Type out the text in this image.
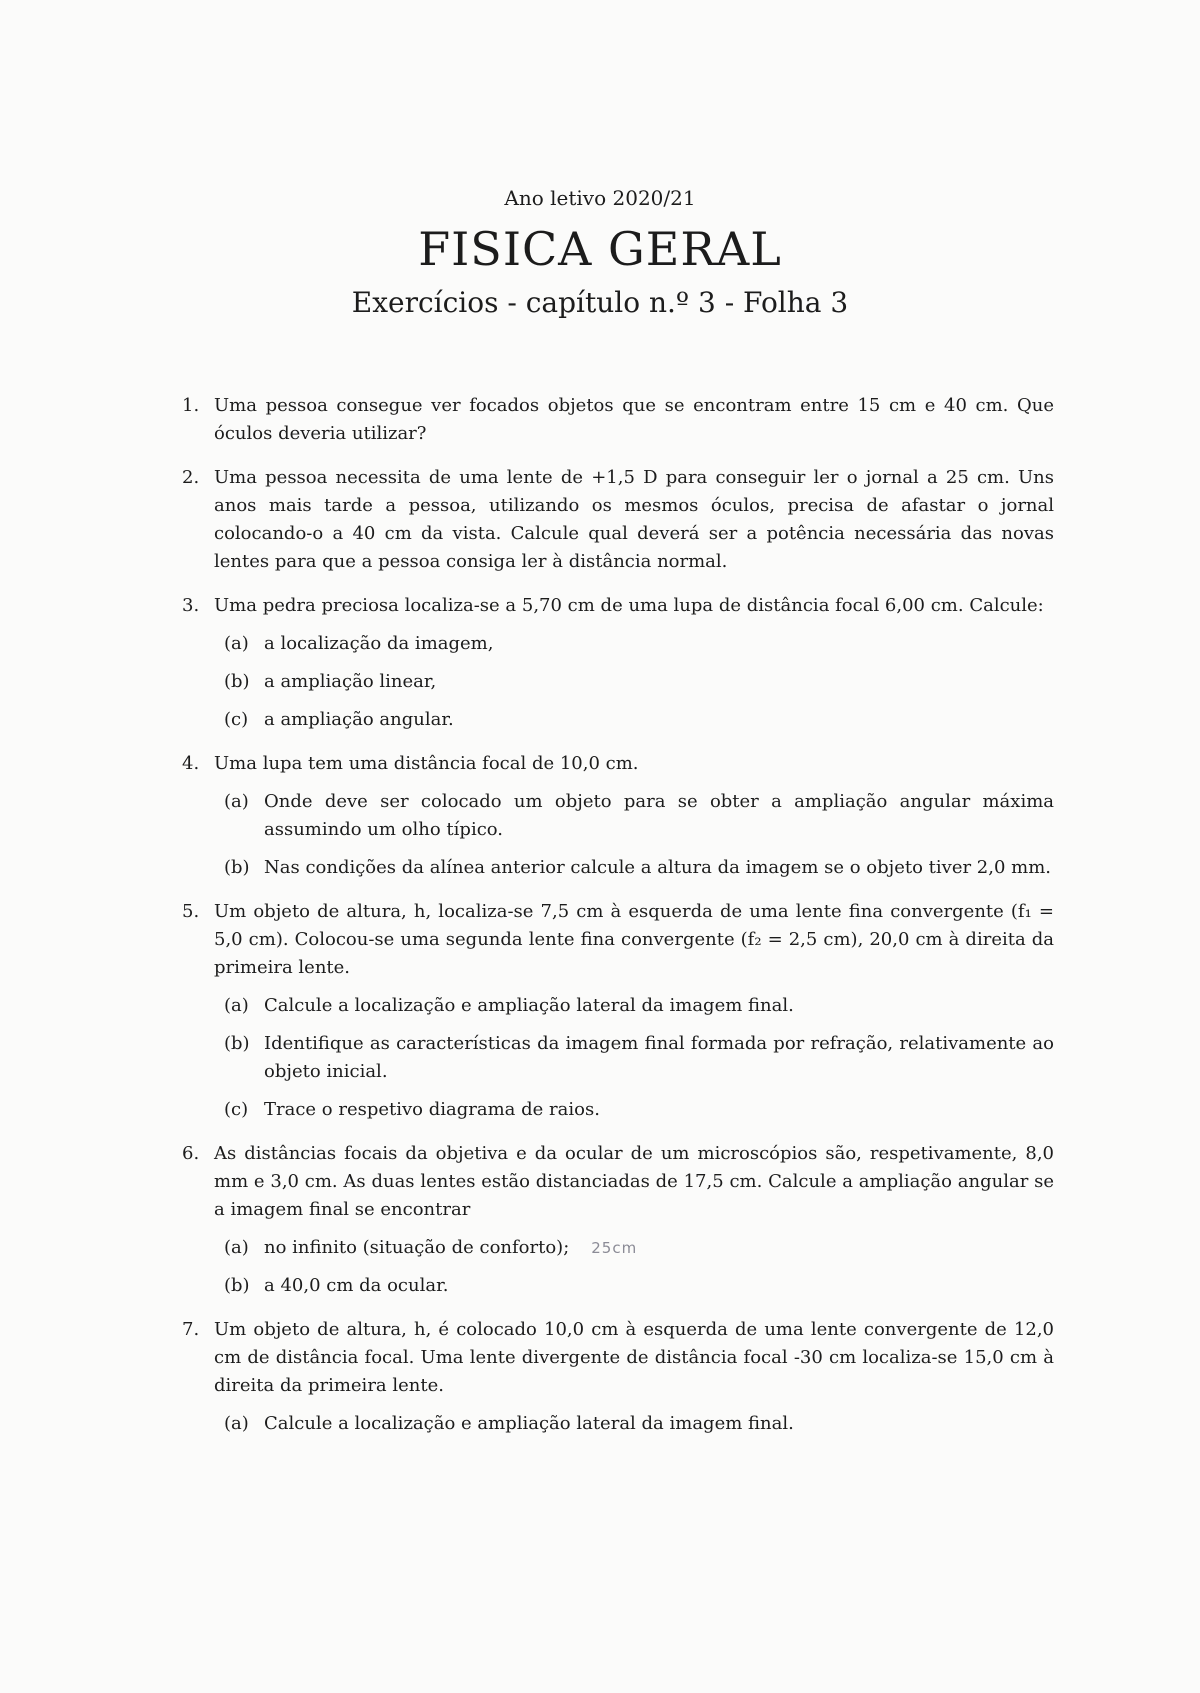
Ano letivo 2020/21
FISICA GERAL
Exercícios - capítulo n.º 3 - Folha 3
1. Uma pessoa consegue ver focados objetos que se encontram entre 15 cm e 40 cm. Que óculos deveria utilizar?
2. Uma pessoa necessita de uma lente de +1,5 D para conseguir ler o jornal a 25 cm. Uns anos mais tarde a pessoa, utilizando os mesmos óculos, precisa de afastar o jornal colocando-o a 40 cm da vista. Calcule qual deverá ser a potência necessária das novas lentes para que a pessoa consiga ler à distância normal.
3. Uma pedra preciosa localiza-se a 5,70 cm de uma lupa de distância focal 6,00 cm. Calcule:
(a) a localização da imagem,
(b) a ampliação linear,
(c) a ampliação angular.
4. Uma lupa tem uma distância focal de 10,0 cm.
(a) Onde deve ser colocado um objeto para se obter a ampliação angular máxima assumindo um olho típico.
(b) Nas condições da alínea anterior calcule a altura da imagem se o objeto tiver 2,0 mm.
5. Um objeto de altura, h, localiza-se 7,5 cm à esquerda de uma lente fina convergente (f₁ = 5,0 cm). Colocou-se uma segunda lente fina convergente (f₂ = 2,5 cm), 20,0 cm à direita da primeira lente.
(a) Calcule a localização e ampliação lateral da imagem final.
(b) Identifique as características da imagem final formada por refração, relativamente ao objeto inicial.
(c) Trace o respetivo diagrama de raios.
6. As distâncias focais da objetiva e da ocular de um microscópios são, respetivamente, 8,0 mm e 3,0 cm. As duas lentes estão distanciadas de 17,5 cm. Calcule a ampliação angular se a imagem final se encontrar
(a) no infinito (situação de conforto); 25cm
(b) a 40,0 cm da ocular.
7. Um objeto de altura, h, é colocado 10,0 cm à esquerda de uma lente convergente de 12,0 cm de distância focal. Uma lente divergente de distância focal -30 cm localiza-se 15,0 cm à direita da primeira lente.
(a) Calcule a localização e ampliação lateral da imagem final.
